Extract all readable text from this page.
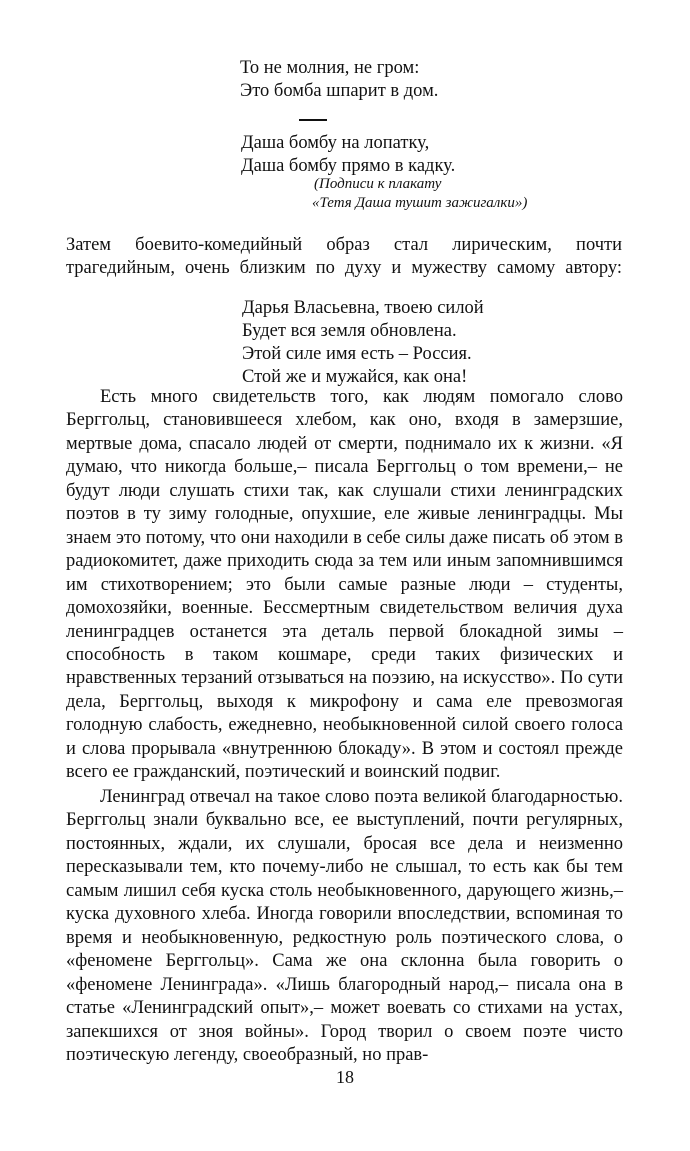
То не молния, не гром:
Это бомба шпарит в дом.
Даша бомбу на лопатку,
Даша бомбу прямо в кадку.
(Подписи к плакату
«Тетя Даша тушит зажигалки»)
Затем боевито-комедийный образ стал лирическим, почти трагедийным, очень близким по духу и мужеству самому автору:
Дарья Власьевна, твоею силой
Будет вся земля обновлена.
Этой силе имя есть – Россия.
Стой же и мужайся, как она!

Есть много свидетельств того, как людям помогало слово Берггольц, становившееся хлебом, как оно, входя в замерзшие, мертвые дома, спасало людей от смерти, поднимало их к жизни. «Я думаю, что никогда больше,– писала Берггольц о том времени,– не будут люди слушать стихи так, как слушали стихи ленинградских поэтов в ту зиму голодные, опухшие, еле живые ленинградцы. Мы знаем это потому, что они находили в себе силы даже писать об этом в радиокомитет, даже приходить сюда за тем или иным запомнившимся им стихотворением; это были самые разные люди – студенты, домохозяйки, военные. Бессмертным свидетельством величия духа ленинградцев останется эта деталь первой блокадной зимы – способность в таком кошмаре, среди таких физических и нравственных терзаний отзываться на поэзию, на искусство». По сути дела, Берггольц, выходя к микрофону и сама еле превозмогая голодную слабость, ежедневно, необыкновенной силой своего голоса и слова прорывала «внутреннюю блокаду». В этом и состоял прежде всего ее гражданский, поэтический и воинский подвиг.

Ленинград отвечал на такое слово поэта великой благодарностью. Берггольц знали буквально все, ее выступлений, почти регулярных, постоянных, ждали, их слушали, бросая все дела и неизменно пересказывали тем, кто почему-либо не слышал, то есть как бы тем самым лишил себя куска столь необыкновенного, дарующего жизнь,– куска духовного хлеба. Иногда говорили впоследствии, вспоминая то время и необыкновенную, редкостную роль поэтического слова, о «феномене Берггольц». Сама же она склонна была говорить о «феномене Ленинграда». «Лишь благородный народ,– писала она в статье «Ленинградский опыт»,– может воевать со стихами на устах, запекшихся от зноя войны». Город творил о своем поэте чисто поэтическую легенду, своеобразный, но прав-

18
